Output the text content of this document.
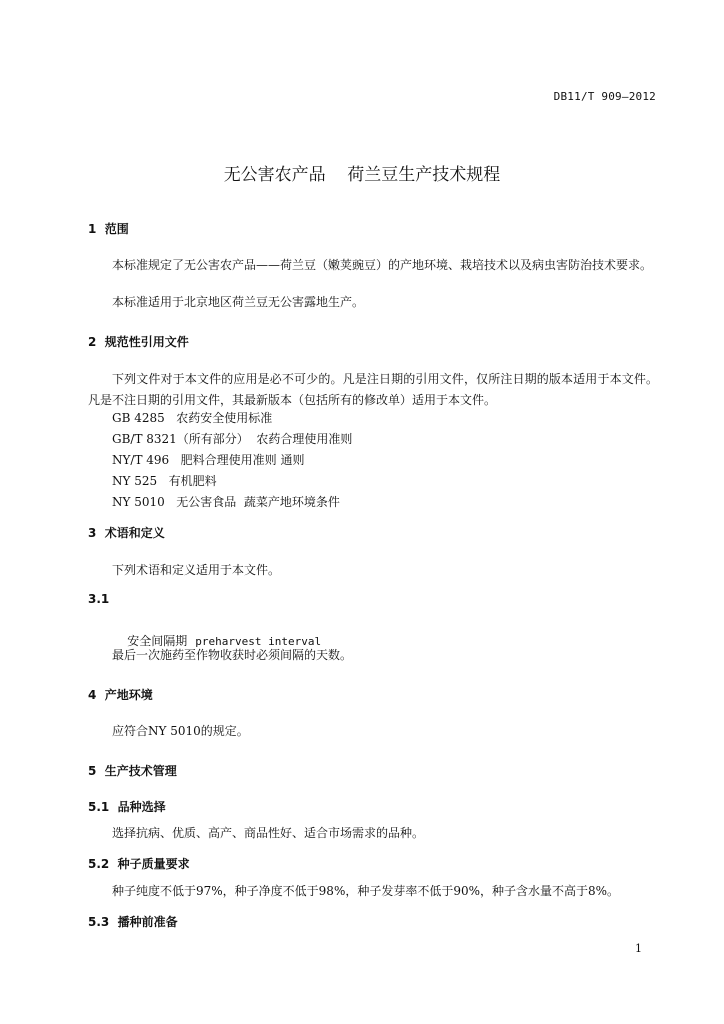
DB11/T 909—2012
无公害农产品    荷兰豆生产技术规程
1  范围
本标准规定了无公害农产品——荷兰豆（嫩荚豌豆）的产地环境、栽培技术以及病虫害防治技术要求。
本标准适用于北京地区荷兰豆无公害露地生产。
2  规范性引用文件
下列文件对于本文件的应用是必不可少的。凡是注日期的引用文件，仅所注日期的版本适用于本文件。凡是不注日期的引用文件，其最新版本（包括所有的修改单）适用于本文件。
GB 4285   农药安全使用标准
GB/T 8321（所有部分）  农药合理使用准则
NY/T 496   肥料合理使用准则 通则
NY 525   有机肥料
NY 5010   无公害食品  蔬菜产地环境条件
3  术语和定义
下列术语和定义适用于本文件。
3.1

安全间隔期 preharvest interval

最后一次施药至作物收获时必须间隔的天数。
4  产地环境
应符合NY 5010的规定。
5  生产技术管理
5.1  品种选择
选择抗病、优质、高产、商品性好、适合市场需求的品种。
5.2  种子质量要求
种子纯度不低于97%，种子净度不低于98%，种子发芽率不低于90%，种子含水量不高于8%。
5.3  播种前准备
1
